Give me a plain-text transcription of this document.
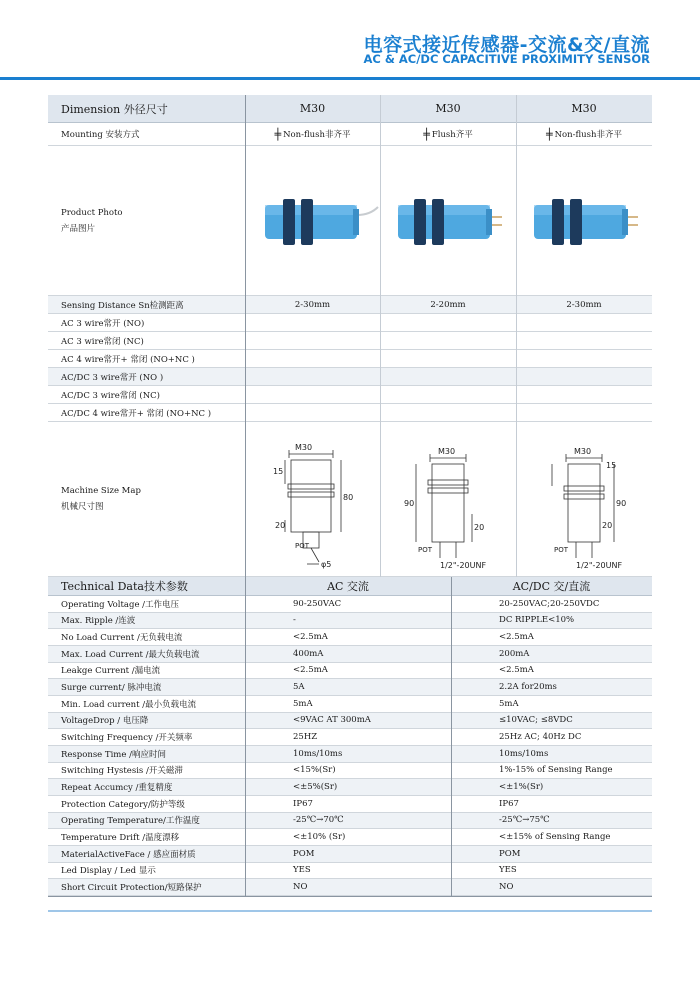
电容式接近传感器-交流&交/直流
AC & AC/DC CAPACITIVE PROXIMITY SENSOR
Dimension 外径尺寸	M30	M30	M30
Mounting 安装方式	╪ Non-flush非齐平	╪ Flush齐平	╪ Non-flush非齐平
Product Photo
产品图片
Sensing Distance Sn检测距离	2-30mm	2-20mm	2-30mm
AC 3 wire常开 (NO)
AC 3 wire常闭 (NC)
AC 4 wire常开+ 常闭 (NO+NC )
AC/DC 3 wire常开 (NO )
AC/DC 3 wire常闭 (NC)
AC/DC 4 wire常开+ 常闭 (NO+NC )
Machine Size Map
机械尺寸图
M30
15
80
20
POT
φ5
M30
90
20
POT
1/2"-20UNF
M30
15
90
20
POT
1/2"-20UNF
Technical Data技术参数	AC 交流	AC/DC 交/直流
Operating Voltage /工作电压	90-250VAC	20-250VAC;20-250VDC
Max. Ripple /连波	-	DC RIPPLE<10%
No Load Current /无负载电流	<2.5mA	<2.5mA
Max. Load Current /最大负载电流	400mA	200mA
Leakge Current /漏电流	<2.5mA	<2.5mA
Surge current/ 脉冲电流	5A	2.2A for20ms
Min. Load current /最小负载电流	5mA	5mA
VoltageDrop / 电压降	<9VAC AT 300mA	≤10VAC; ≤8VDC
Switching Frequency /开关频率	25HZ	25Hz AC; 40Hz DC
Response Time /响应时间	10ms/10ms	10ms/10ms
Switching Hystesis /开关磁滞	<15%(Sr)	1%-15% of Sensing Range
Repeat Accumcy /重复精度	<±5%(Sr)	<±1%(Sr)
Protection Category/防护等级	IP67	IP67
Operating Temperature/工作温度	-25℃→70℃	-25℃→75℃
Temperature Drift /温度漂移	<±10% (Sr)	<±15% of Sensing Range
MaterialActiveFace / 感应面材质	POM	POM
Led Display / Led 显示	YES	YES
Short Circuit Protection/短路保护	NO	NO
